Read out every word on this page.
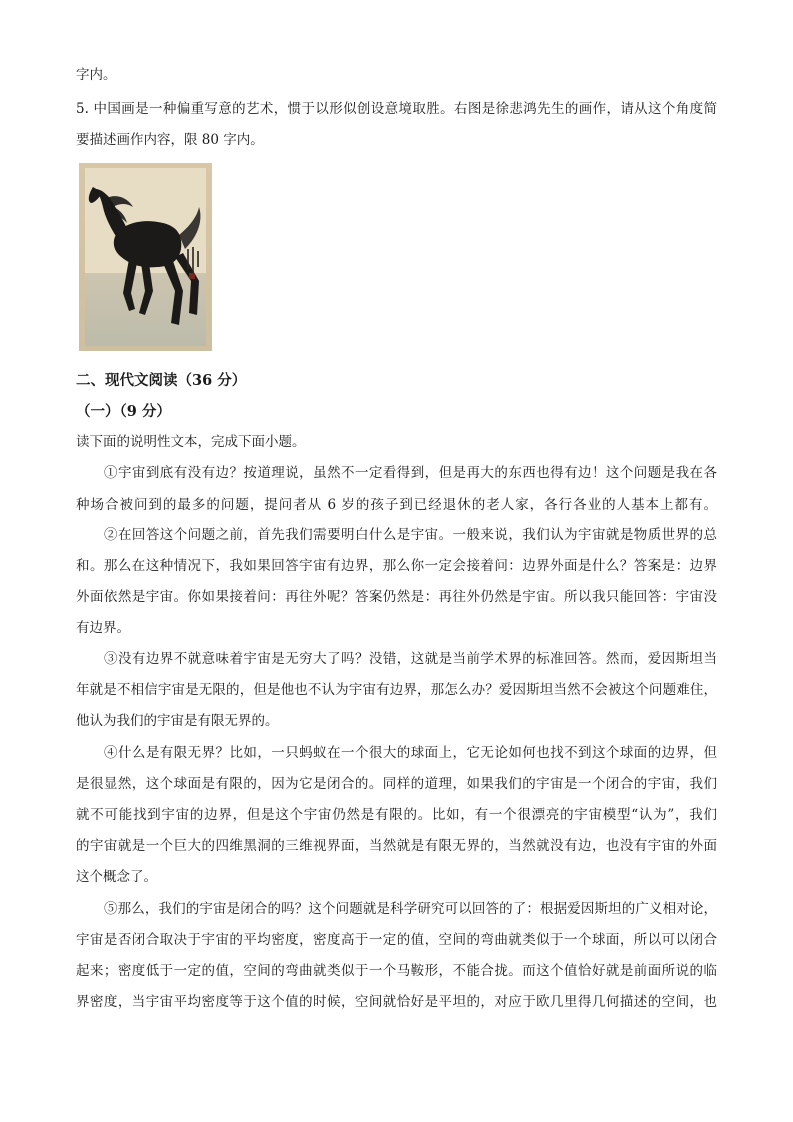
字内。
5. 中国画是一种偏重写意的艺术，惯于以形似创设意境取胜。右图是徐悲鸿先生的画作，请从这个角度简
要描述画作内容，限 80 字内。
二、现代文阅读（36 分）
（一）（9 分）
读下面的说明性文本，完成下面小题。
①宇宙到底有没有边？按道理说，虽然不一定看得到，但是再大的东西也得有边！这个问题是我在各
种场合被问到的最多的问题，提问者从 6 岁的孩子到已经退休的老人家，各行各业的人基本上都有。
②在回答这个问题之前，首先我们需要明白什么是宇宙。一般来说，我们认为宇宙就是物质世界的总
和。那么在这种情况下，我如果回答宇宙有边界，那么你一定会接着问：边界外面是什么？答案是：边界
外面依然是宇宙。你如果接着问：再往外呢？答案仍然是：再往外仍然是宇宙。所以我只能回答：宇宙没
有边界。
③没有边界不就意味着宇宙是无穷大了吗？没错，这就是当前学术界的标准回答。然而，爱因斯坦当
年就是不相信宇宙是无限的，但是他也不认为宇宙有边界，那怎么办？爱因斯坦当然不会被这个问题难住，
他认为我们的宇宙是有限无界的。
④什么是有限无界？比如，一只蚂蚁在一个很大的球面上，它无论如何也找不到这个球面的边界，但
是很显然，这个球面是有限的，因为它是闭合的。同样的道理，如果我们的宇宙是一个闭合的宇宙，我们
就不可能找到宇宙的边界，但是这个宇宙仍然是有限的。比如，有一个很漂亮的宇宙模型“认为”，我们
的宇宙就是一个巨大的四维黑洞的三维视界面，当然就是有限无界的，当然就没有边，也没有宇宙的外面
这个概念了。
⑤那么，我们的宇宙是闭合的吗？这个问题就是科学研究可以回答的了：根据爱因斯坦的广义相对论，
宇宙是否闭合取决于宇宙的平均密度，密度高于一定的值，空间的弯曲就类似于一个球面，所以可以闭合
起来；密度低于一定的值，空间的弯曲就类似于一个马鞍形，不能合拢。而这个值恰好就是前面所说的临
界密度，当宇宙平均密度等于这个值的时候，空间就恰好是平坦的，对应于欧几里得几何描述的空间，也
